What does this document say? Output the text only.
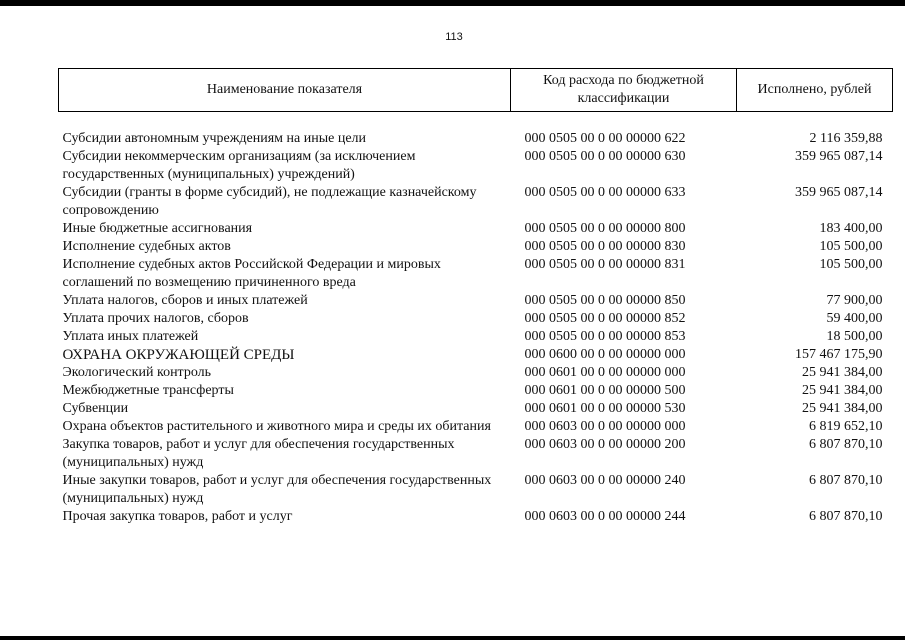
113
Наименование показателя	Код расхода по бюджетной классификации	Исполнено, рублей

Субсидии автономным учреждениям на иные цели	000 0505 00 0 00 00000 622	2 116 359,88
Субсидии некоммерческим организациям (за исключением государственных (муниципальных) учреждений)	000 0505 00 0 00 00000 630	359 965 087,14
Субсидии (гранты в форме субсидий), не подлежащие казначейскому сопровождению	000 0505 00 0 00 00000 633	359 965 087,14
Иные бюджетные ассигнования	000 0505 00 0 00 00000 800	183 400,00
Исполнение судебных актов	000 0505 00 0 00 00000 830	105 500,00
Исполнение судебных актов Российской Федерации и мировых соглашений по возмещению причиненного вреда	000 0505 00 0 00 00000 831	105 500,00
Уплата налогов, сборов и иных платежей	000 0505 00 0 00 00000 850	77 900,00
Уплата прочих налогов, сборов	000 0505 00 0 00 00000 852	59 400,00
Уплата иных платежей	000 0505 00 0 00 00000 853	18 500,00
ОХРАНА ОКРУЖАЮЩЕЙ СРЕДЫ	000 0600 00 0 00 00000 000	157 467 175,90
Экологический контроль	000 0601 00 0 00 00000 000	25 941 384,00
Межбюджетные трансферты	000 0601 00 0 00 00000 500	25 941 384,00
Субвенции	000 0601 00 0 00 00000 530	25 941 384,00
Охрана объектов растительного и животного мира и среды их обитания	000 0603 00 0 00 00000 000	6 819 652,10
Закупка товаров, работ и услуг для обеспечения государственных (муниципальных) нужд	000 0603 00 0 00 00000 200	6 807 870,10
Иные закупки товаров, работ и услуг для обеспечения государственных (муниципальных) нужд	000 0603 00 0 00 00000 240	6 807 870,10
Прочая закупка товаров, работ и услуг	000 0603 00 0 00 00000 244	6 807 870,10
